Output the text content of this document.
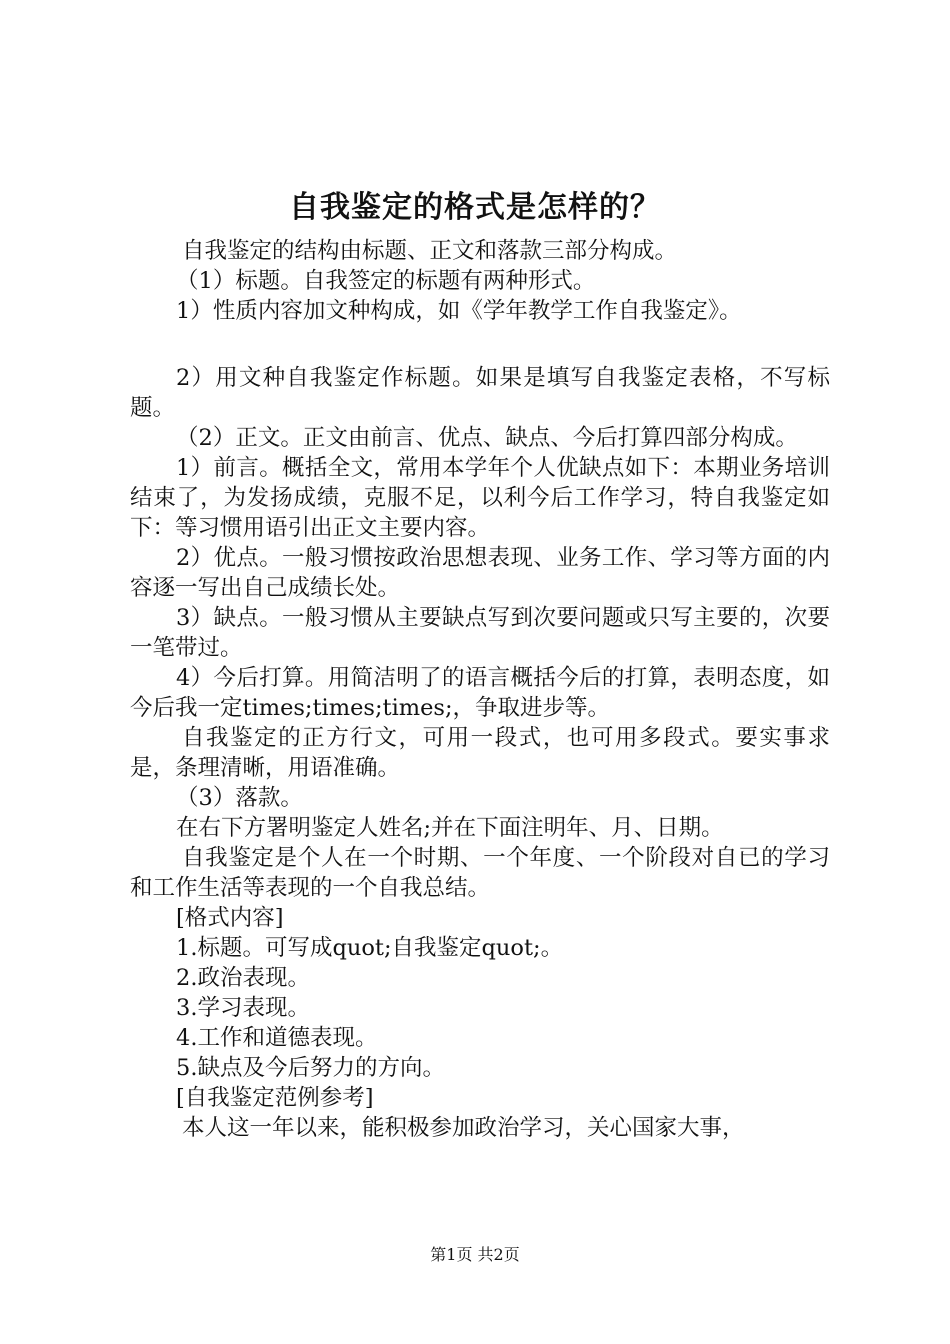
自我鉴定的格式是怎样的？

自我鉴定的结构由标题、正文和落款三部分构成。

（1）标题。自我签定的标题有两种形式。

1）性质内容加文种构成，如《学年教学工作自我鉴定》。

2）用文种自我鉴定作标题。如果是填写自我鉴定表格，不写标题。

（2）正文。正文由前言、优点、缺点、今后打算四部分构成。

1）前言。概括全文，常用本学年个人优缺点如下：本期业务培训结束了，为发扬成绩，克服不足，以利今后工作学习，特自我鉴定如下：等习惯用语引出正文主要内容。

2）优点。一般习惯按政治思想表现、业务工作、学习等方面的内容逐一写出自己成绩长处。

3）缺点。一般习惯从主要缺点写到次要问题或只写主要的，次要一笔带过。

4）今后打算。用简洁明了的语言概括今后的打算，表明态度，如今后我一定times;times;times;，争取进步等。

自我鉴定的正方行文，可用一段式，也可用多段式。要实事求是，条理清晰，用语准确。

（3）落款。

在右下方署明鉴定人姓名;并在下面注明年、月、日期。

自我鉴定是个人在一个时期、一个年度、一个阶段对自已的学习和工作生活等表现的一个自我总结。

[格式内容]

1.标题。可写成quot;自我鉴定quot;。

2.政治表现。

3.学习表现。

4.工作和道德表现。

5.缺点及今后努力的方向。

[自我鉴定范例参考]

本人这一年以来，能积极参加政治学习，关心国家大事，

第1页 共2页
